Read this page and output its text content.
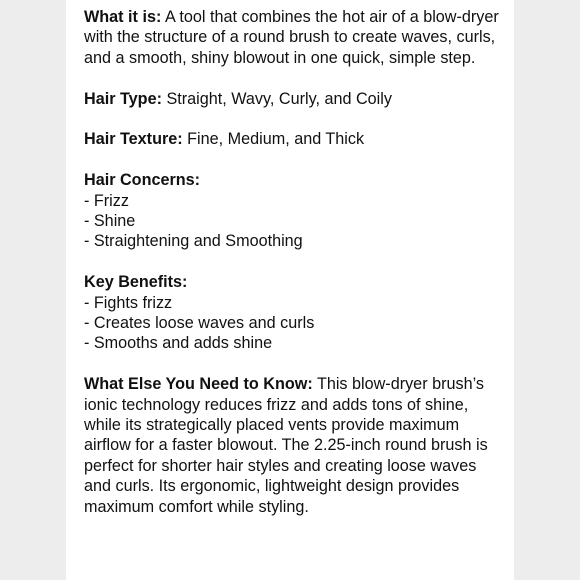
What it is: A tool that combines the hot air of a blow-dryer with the structure of a round brush to create waves, curls, and a smooth, shiny blowout in one quick, simple step.

Hair Type: Straight, Wavy, Curly, and Coily

Hair Texture: Fine, Medium, and Thick

Hair Concerns:
- Frizz
- Shine
- Straightening and Smoothing
Key Benefits:
- Fights frizz
- Creates loose waves and curls
- Smooths and adds shine

What Else You Need to Know: This blow-dryer brush’s ionic technology reduces frizz and adds tons of shine, while its strategically placed vents provide maximum airflow for a faster blowout. The 2.25-inch round brush is perfect for shorter hair styles and creating loose waves and curls. Its ergonomic, lightweight design provides maximum comfort while styling.
